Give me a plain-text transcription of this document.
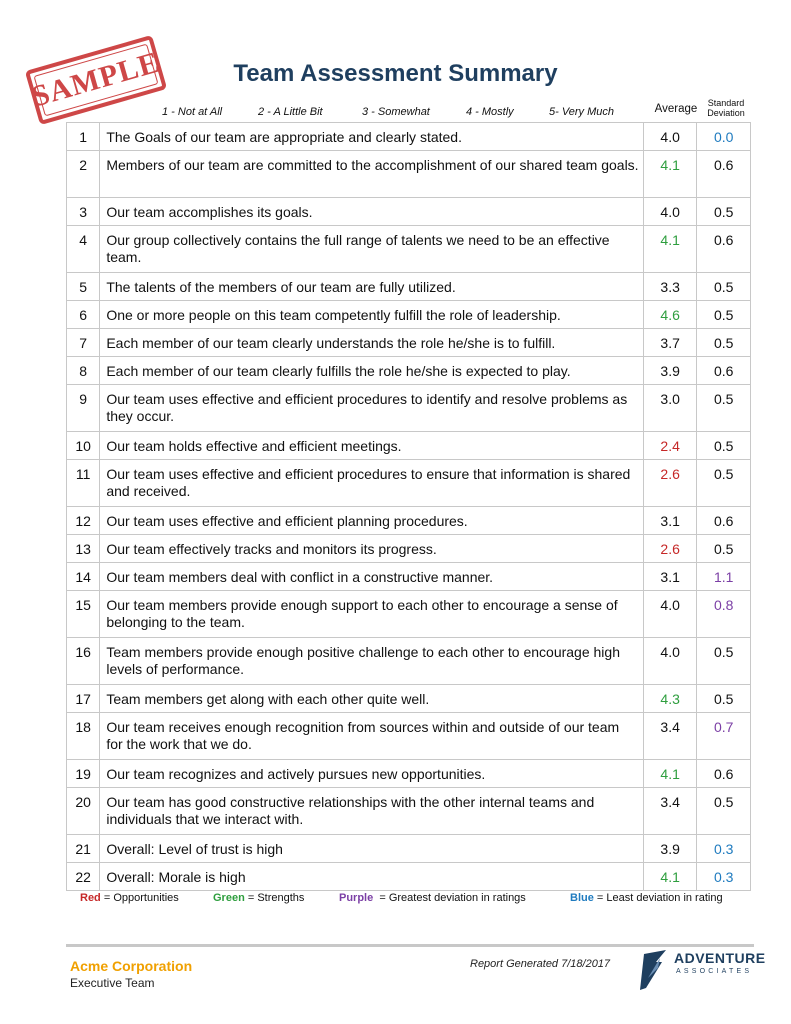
SAMPLE	Team Assessment Summary
1 - Not at All	2 - A Little Bit	3 - Somewhat	4 - Mostly	5- Very Much	Average	Standard
Deviation
1	The Goals of our team are appropriate and clearly stated.	4.0	0.0
2	Members of our team are committed to the accomplishment of our shared team goals.	4.1	0.6
3	Our team accomplishes its goals.	4.0	0.5
4	Our group collectively contains the full range of talents we need to be an effective team.	4.1	0.6
5	The talents of the members of our team are fully utilized.	3.3	0.5
6	One or more people on this team competently fulfill the role of leadership.	4.6	0.5
7	Each member of our team clearly understands the role he/she is to fulfill.	3.7	0.5
8	Each member of our team clearly fulfills the role he/she is expected to play.	3.9	0.6
9	Our team uses effective and efficient procedures to identify and resolve problems as they occur.	3.0	0.5
10	Our team holds effective and efficient meetings.	2.4	0.5
11	Our team uses effective and efficient procedures to ensure that information is shared and received.	2.6	0.5
12	Our team uses effective and efficient planning procedures.	3.1	0.6
13	Our team effectively tracks and monitors its progress.	2.6	0.5
14	Our team members deal with conflict in a constructive manner.	3.1	1.1
15	Our team members provide enough support to each other to encourage a sense of belonging to the team.	4.0	0.8
16	Team members provide enough positive challenge to each other to encourage high levels of performance.	4.0	0.5
17	Team members get along with each other quite well.	4.3	0.5
18	Our team receives enough recognition from sources within and outside of our team for the work that we do.	3.4	0.7
19	Our team recognizes and actively pursues new opportunities.	4.1	0.6
20	Our team has good constructive relationships with the other internal teams and individuals that we interact with.	3.4	0.5
21	Overall: Level of trust is high	3.9	0.3
22	Overall: Morale is high	4.1	0.3
Red = Opportunities	Green = Strengths	Purple = Greatest deviation in ratings	Blue = Least deviation in rating
Acme Corporation
Executive Team
Report Generated 7/18/2017	ADVENTURE
ASSOCIATES
